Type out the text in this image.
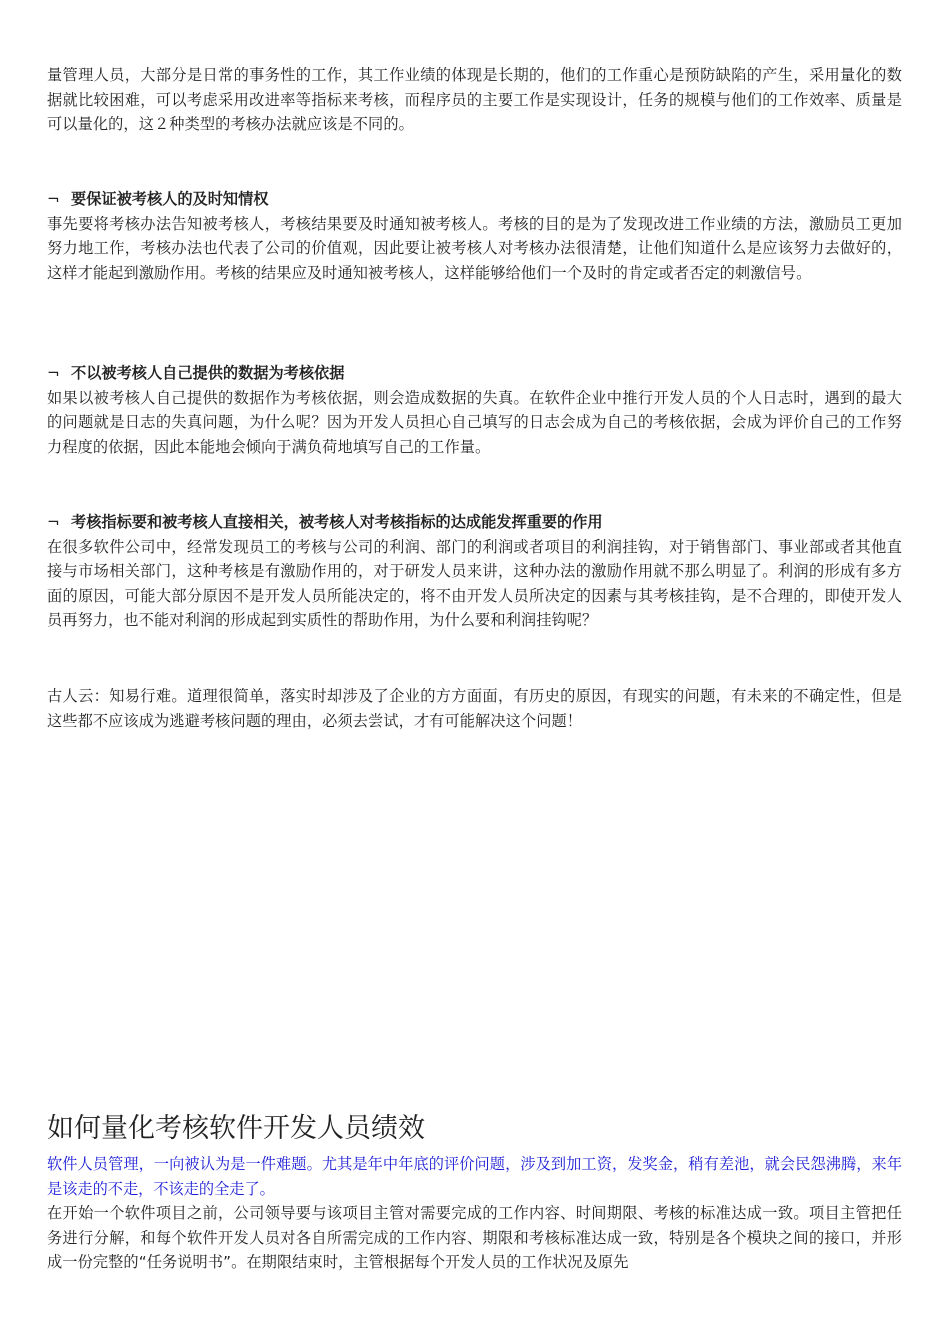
量管理人员，大部分是日常的事务性的工作，其工作业绩的体现是长期的，他们的工作重心是预防缺陷的产生，采用量化的数据就比较困难，可以考虑采用改进率等指标来考核，而程序员的主要工作是实现设计，任务的规模与他们的工作效率、质量是可以量化的，这２种类型的考核办法就应该是不同的。

¬ 要保证被考核人的及时知情权

事先要将考核办法告知被考核人，考核结果要及时通知被考核人。考核的目的是为了发现改进工作业绩的方法，激励员工更加努力地工作，考核办法也代表了公司的价值观，因此要让被考核人对考核办法很清楚，让他们知道什么是应该努力去做好的，这样才能起到激励作用。考核的结果应及时通知被考核人，这样能够给他们一个及时的肯定或者否定的刺激信号。

¬ 不以被考核人自己提供的数据为考核依据

如果以被考核人自己提供的数据作为考核依据，则会造成数据的失真。在软件企业中推行开发人员的个人日志时，遇到的最大的问题就是日志的失真问题，为什么呢？因为开发人员担心自己填写的日志会成为自己的考核依据，会成为评价自己的工作努力程度的依据，因此本能地会倾向于满负荷地填写自己的工作量。

¬ 考核指标要和被考核人直接相关，被考核人对考核指标的达成能发挥重要的作用

在很多软件公司中，经常发现员工的考核与公司的利润、部门的利润或者项目的利润挂钩，对于销售部门、事业部或者其他直接与市场相关部门，这种考核是有激励作用的，对于研发人员来讲，这种办法的激励作用就不那么明显了。利润的形成有多方面的原因，可能大部分原因不是开发人员所能决定的，将不由开发人员所决定的因素与其考核挂钩，是不合理的，即使开发人员再努力，也不能对利润的形成起到实质性的帮助作用，为什么要和利润挂钩呢？

古人云：知易行难。道理很简单，落实时却涉及了企业的方方面面，有历史的原因，有现实的问题，有未来的不确定性，但是这些都不应该成为逃避考核问题的理由，必须去尝试，才有可能解决这个问题！

如何量化考核软件开发人员绩效

软件人员管理，一向被认为是一件难题。尤其是年中年底的评价问题，涉及到加工资，发奖金，稍有差池，就会民怨沸腾，来年是该走的不走，不该走的全走了。

在开始一个软件项目之前，公司领导要与该项目主管对需要完成的工作内容、时间期限、考核的标准达成一致。项目主管把任务进行分解，和每个软件开发人员对各自所需完成的工作内容、期限和考核标准达成一致，特别是各个模块之间的接口，并形成一份完整的“任务说明书”。在期限结束时，主管根据每个开发人员的工作状况及原先
